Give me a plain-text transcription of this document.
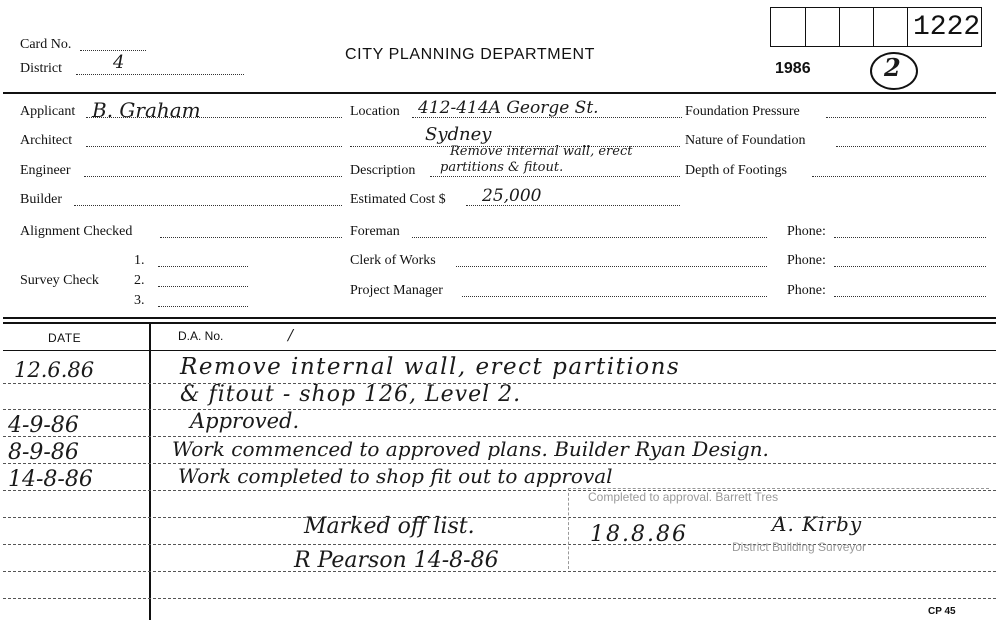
Card No.
District	4	CITY PLANNING DEPARTMENT
1222
1986	2
Applicant B. Graham
Architect
Engineer
Builder
Alignment Checked
Survey Check
1.
2.
3.
Location 412-414A George St.
Sydney
Remove internal wall, erect
Description partitions & fitout.
Estimated Cost $ 25,000
Foreman
Clerk of Works
Project Manager
Foundation Pressure
Nature of Foundation
Depth of Footings
Phone:
Phone:
Phone:
DATE	D.A. No.	/
12.6.86	Remove internal wall, erect partitions
& fitout - shop 126, Level 2.
4-9-86	Approved.
8-9-86	Work commenced to approved plans. Builder Ryan Design.
14-8-86	Work completed to shop fit out to approval
Completed to approval. Barrett Tres
District Building Surveyor
Marked off list.	18.8.86	A. Kirby
R Pearson 14-8-86
CP 45
